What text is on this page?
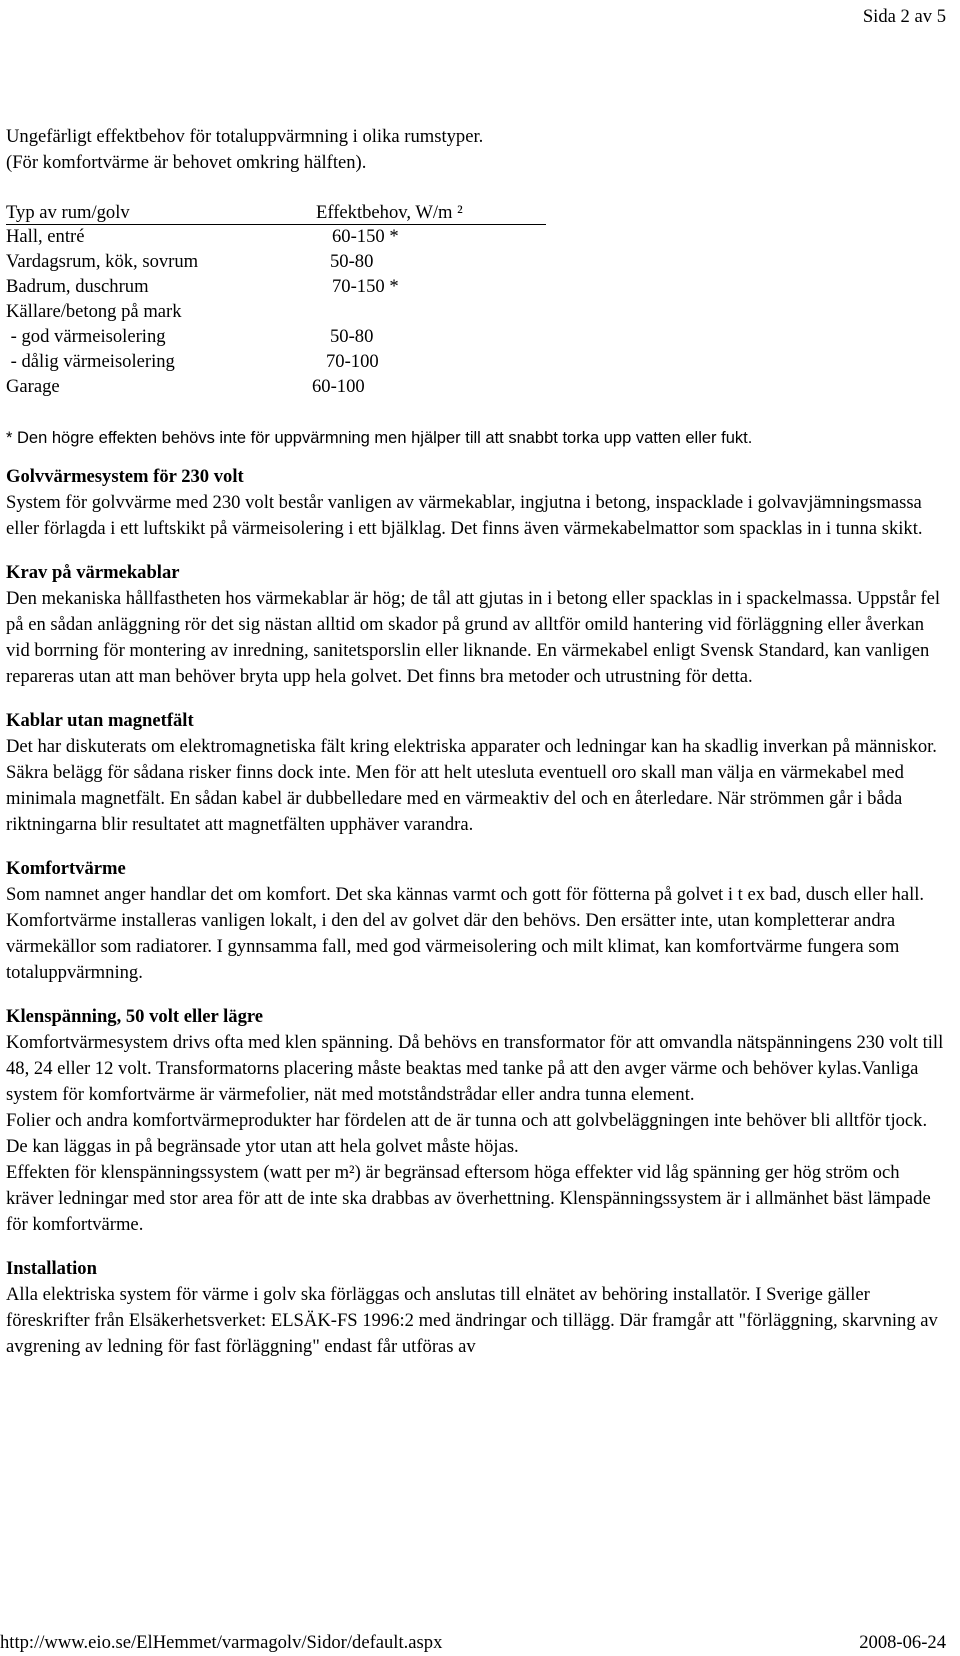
Sida 2 av 5
Ungefärligt effektbehov för totaluppvärmning i olika rumstyper.
(För komfortvärme är behovet omkring hälften).
Typ av rum/golv	Effektbehov, W/m ²
Hall, entré	60-150 *
Vardagsrum, kök, sovrum	50-80
Badrum, duschrum	70-150 *
Källare/betong på mark
- god värmeisolering	50-80
- dålig värmeisolering	70-100
Garage	60-100
* Den högre effekten behövs inte för uppvärmning men hjälper till att snabbt torka upp vatten eller fukt.
Golvvärmesystem för 230 volt

System för golvvärme med 230 volt består vanligen av värmekablar, ingjutna i betong, inspacklade i golvavjämningsmassa eller förlagda i ett luftskikt på värmeisolering i ett bjälklag. Det finns även värmekabelmattor som spacklas in i tunna skikt.

Krav på värmekablar

Den mekaniska hållfastheten hos värmekablar är hög; de tål att gjutas in i betong eller spacklas in i spackelmassa. Uppstår fel på en sådan anläggning rör det sig nästan alltid om skador på grund av alltför omild hantering vid förläggning eller åverkan vid borrning för montering av inredning, sanitetsporslin eller liknande. En värmekabel enligt Svensk Standard, kan vanligen repareras utan att man behöver bryta upp hela golvet. Det finns bra metoder och utrustning för detta.

Kablar utan magnetfält

Det har diskuterats om elektromagnetiska fält kring elektriska apparater och ledningar kan ha skadlig inverkan på människor. Säkra belägg för sådana risker finns dock inte. Men för att helt utesluta eventuell oro skall man välja en värmekabel med minimala magnetfält. En sådan kabel är dubbelledare med en värmeaktiv del och en återledare. När strömmen går i båda riktningarna blir resultatet att magnetfälten upphäver varandra.

Komfortvärme

Som namnet anger handlar det om komfort. Det ska kännas varmt och gott för fötterna på golvet i t ex bad, dusch eller hall. Komfortvärme installeras vanligen lokalt, i den del av golvet där den behövs. Den ersätter inte, utan kompletterar andra värmekällor som radiatorer. I gynnsamma fall, med god värmeisolering och milt klimat, kan komfortvärme fungera som totaluppvärmning.

Klenspänning, 50 volt eller lägre

Komfortvärmesystem drivs ofta med klen spänning. Då behövs en transformator för att omvandla nätspänningens 230 volt till 48, 24 eller 12 volt. Transformatorns placering måste beaktas med tanke på att den avger värme och behöver kylas.Vanliga system för komfortvärme är värmefolier, nät med motståndstrådar eller andra tunna element.

Folier och andra komfortvärmeprodukter har fördelen att de är tunna och att golvbeläggningen inte behöver bli alltför tjock. De kan läggas in på begränsade ytor utan att hela golvet måste höjas.

Effekten för klenspänningssystem (watt per m²) är begränsad eftersom höga effekter vid låg spänning ger hög ström och kräver ledningar med stor area för att de inte ska drabbas av överhettning. Klenspänningssystem är i allmänhet bäst lämpade för komfortvärme.

Installation

Alla elektriska system för värme i golv ska förläggas och anslutas till elnätet av behöring installatör. I Sverige gäller föreskrifter från Elsäkerhetsverket: ELSÄK-FS 1996:2 med ändringar och tillägg. Där framgår att "förläggning, skarvning av avgrening av ledning för fast förläggning" endast får utföras av

http://www.eio.se/ElHemmet/varmagolv/Sidor/default.aspx	2008-06-24
